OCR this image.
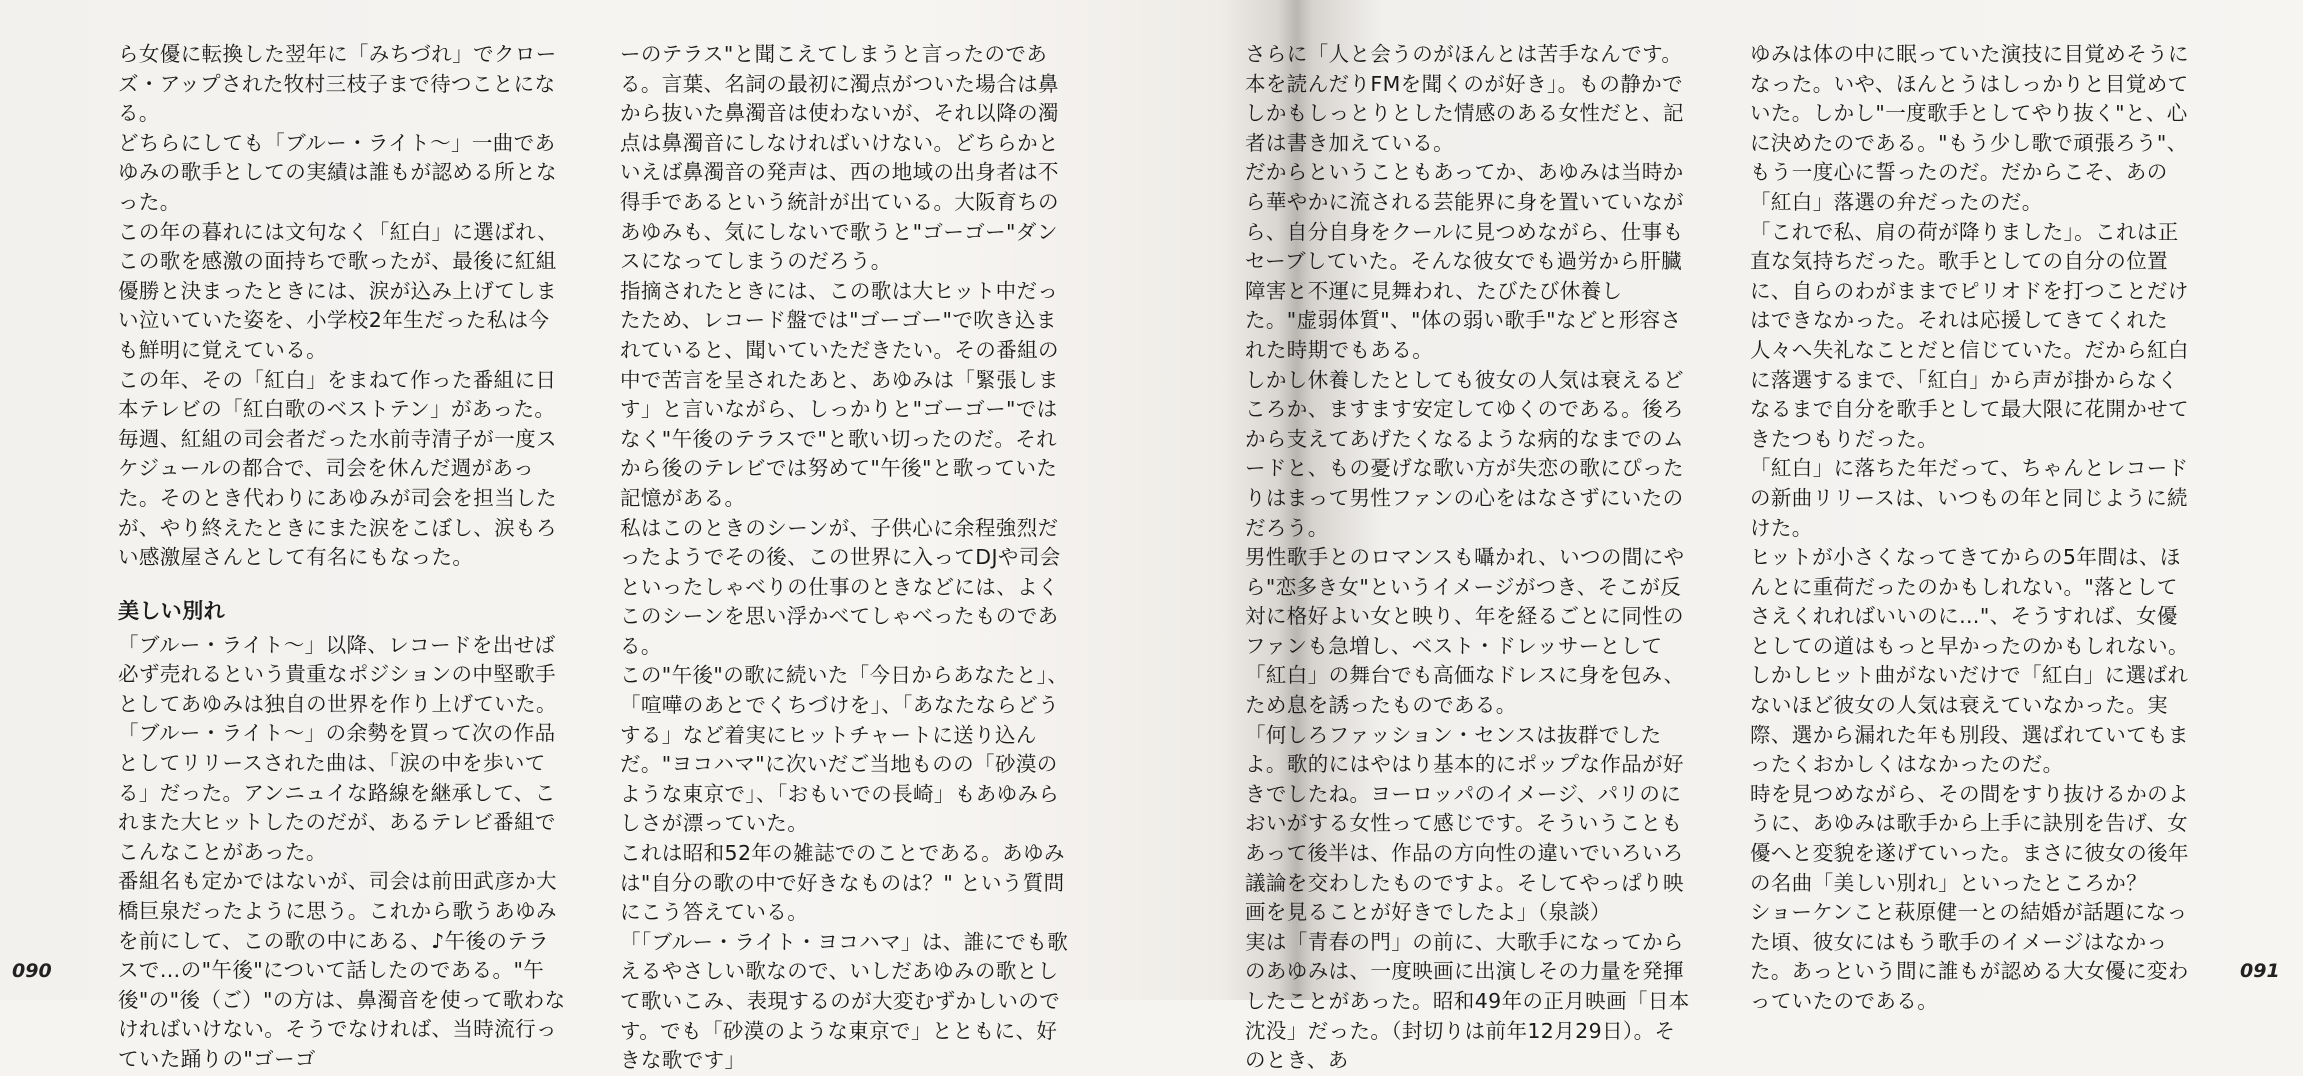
ら女優に転換した翌年に「みちづれ」でクローズ・アップされた牧村三枝子まで待つことになる。

どちらにしても「ブルー・ライト～」一曲であゆみの歌手としての実績は誰もが認める所となった。

この年の暮れには文句なく「紅白」に選ばれ、この歌を感激の面持ちで歌ったが、最後に紅組優勝と決まったときには、涙が込み上げてしまい泣いていた姿を、小学校2年生だった私は今も鮮明に覚えている。

この年、その「紅白」をまねて作った番組に日本テレビの「紅白歌のベストテン」があった。毎週、紅組の司会者だった水前寺清子が一度スケジュールの都合で、司会を休んだ週があった。そのとき代わりにあゆみが司会を担当したが、やり終えたときにまた涙をこぼし、涙もろい感激屋さんとして有名にもなった。

美しい別れ

「ブルー・ライト～」以降、レコードを出せば必ず売れるという貴重なポジションの中堅歌手としてあゆみは独自の世界を作り上げていた。

「ブルー・ライト～」の余勢を買って次の作品としてリリースされた曲は、「涙の中を歩いてる」だった。アンニュイな路線を継承して、これまた大ヒットしたのだが、あるテレビ番組でこんなことがあった。

番組名も定かではないが、司会は前田武彦か大橋巨泉だったように思う。これから歌うあゆみを前にして、この歌の中にある、♪午後のテラスで…の"午後"について話したのである。"午後"の"後（ご）"の方は、鼻濁音を使って歌わなければいけない。そうでなければ、当時流行っていた踊りの"ゴーゴ

ーのテラス"と聞こえてしまうと言ったのである。言葉、名詞の最初に濁点がついた場合は鼻から抜いた鼻濁音は使わないが、それ以降の濁点は鼻濁音にしなければいけない。どちらかといえば鼻濁音の発声は、西の地域の出身者は不得手であるという統計が出ている。大阪育ちのあゆみも、気にしないで歌うと"ゴーゴー"ダンスになってしまうのだろう。

指摘されたときには、この歌は大ヒット中だったため、レコード盤では"ゴーゴー"で吹き込まれていると、聞いていただきたい。その番組の中で苦言を呈されたあと、あゆみは「緊張します」と言いながら、しっかりと"ゴーゴー"ではなく"午後のテラスで"と歌い切ったのだ。それから後のテレビでは努めて"午後"と歌っていた記憶がある。

私はこのときのシーンが、子供心に余程強烈だったようでその後、この世界に入ってDJや司会といったしゃべりの仕事のときなどには、よくこのシーンを思い浮かべてしゃべったものである。

この"午後"の歌に続いた「今日からあなたと」、「喧嘩のあとでくちづけを」、「あなたならどうする」など着実にヒットチャートに送り込んだ。"ヨコハマ"に次いだご当地ものの「砂漠のような東京で」、「おもいでの長崎」もあゆみらしさが漂っていた。

これは昭和52年の雑誌でのことである。あゆみは"自分の歌の中で好きなものは？" という質問にこう答えている。

「「ブルー・ライト・ヨコハマ」は、誰にでも歌えるやさしい歌なので、いしだあゆみの歌として歌いこみ、表現するのが大変むずかしいのです。でも「砂漠のような東京で」とともに、好きな歌です」

さらに「人と会うのがほんとは苦手なんです。本を読んだりFMを聞くのが好き」。もの静かでしかもしっとりとした情感のある女性だと、記者は書き加えている。

だからということもあってか、あゆみは当時から華やかに流される芸能界に身を置いていながら、自分自身をクールに見つめながら、仕事もセーブしていた。そんな彼女でも過労から肝臓障害と不運に見舞われ、たびたび休養した。"虚弱体質"、"体の弱い歌手"などと形容された時期でもある。

しかし休養したとしても彼女の人気は衰えるどころか、ますます安定してゆくのである。後ろから支えてあげたくなるような病的なまでのムードと、もの憂げな歌い方が失恋の歌にぴったりはまって男性ファンの心をはなさずにいたのだろう。

男性歌手とのロマンスも囁かれ、いつの間にやら"恋多き女"というイメージがつき、そこが反対に格好よい女と映り、年を経るごとに同性のファンも急増し、ベスト・ドレッサーとして「紅白」の舞台でも高価なドレスに身を包み、ため息を誘ったものである。

「何しろファッション・センスは抜群でしたよ。歌的にはやはり基本的にポップな作品が好きでしたね。ヨーロッパのイメージ、パリのにおいがする女性って感じです。そういうこともあって後半は、作品の方向性の違いでいろいろ議論を交わしたものですよ。そしてやっぱり映画を見ることが好きでしたよ」（泉談）

実は「青春の門」の前に、大歌手になってからのあゆみは、一度映画に出演しその力量を発揮したことがあった。昭和49年の正月映画「日本沈没」だった。（封切りは前年12月29日）。そのとき、あ

ゆみは体の中に眠っていた演技に目覚めそうになった。いや、ほんとうはしっかりと目覚めていた。しかし"一度歌手としてやり抜く"と、心に決めたのである。"もう少し歌で頑張ろう"、もう一度心に誓ったのだ。だからこそ、あの「紅白」落選の弁だったのだ。

「これで私、肩の荷が降りました」。これは正直な気持ちだった。歌手としての自分の位置に、自らのわがままでピリオドを打つことだけはできなかった。それは応援してきてくれた人々へ失礼なことだと信じていた。だから紅白に落選するまで、「紅白」から声が掛からなくなるまで自分を歌手として最大限に花開かせてきたつもりだった。

「紅白」に落ちた年だって、ちゃんとレコードの新曲リリースは、いつもの年と同じように続けた。

ヒットが小さくなってきてからの5年間は、ほんとに重荷だったのかもしれない。"落としてさえくれればいいのに…"、そうすれば、女優としての道はもっと早かったのかもしれない。しかしヒット曲がないだけで「紅白」に選ばれないほど彼女の人気は衰えていなかった。実際、選から漏れた年も別段、選ばれていてもまったくおかしくはなかったのだ。

時を見つめながら、その間をすり抜けるかのように、あゆみは歌手から上手に訣別を告げ、女優へと変貌を遂げていった。まさに彼女の後年の名曲「美しい別れ」といったところか？

ショーケンこと萩原健一との結婚が話題になった頃、彼女にはもう歌手のイメージはなかった。あっという間に誰もが認める大女優に変わっていたのである。

090	091
